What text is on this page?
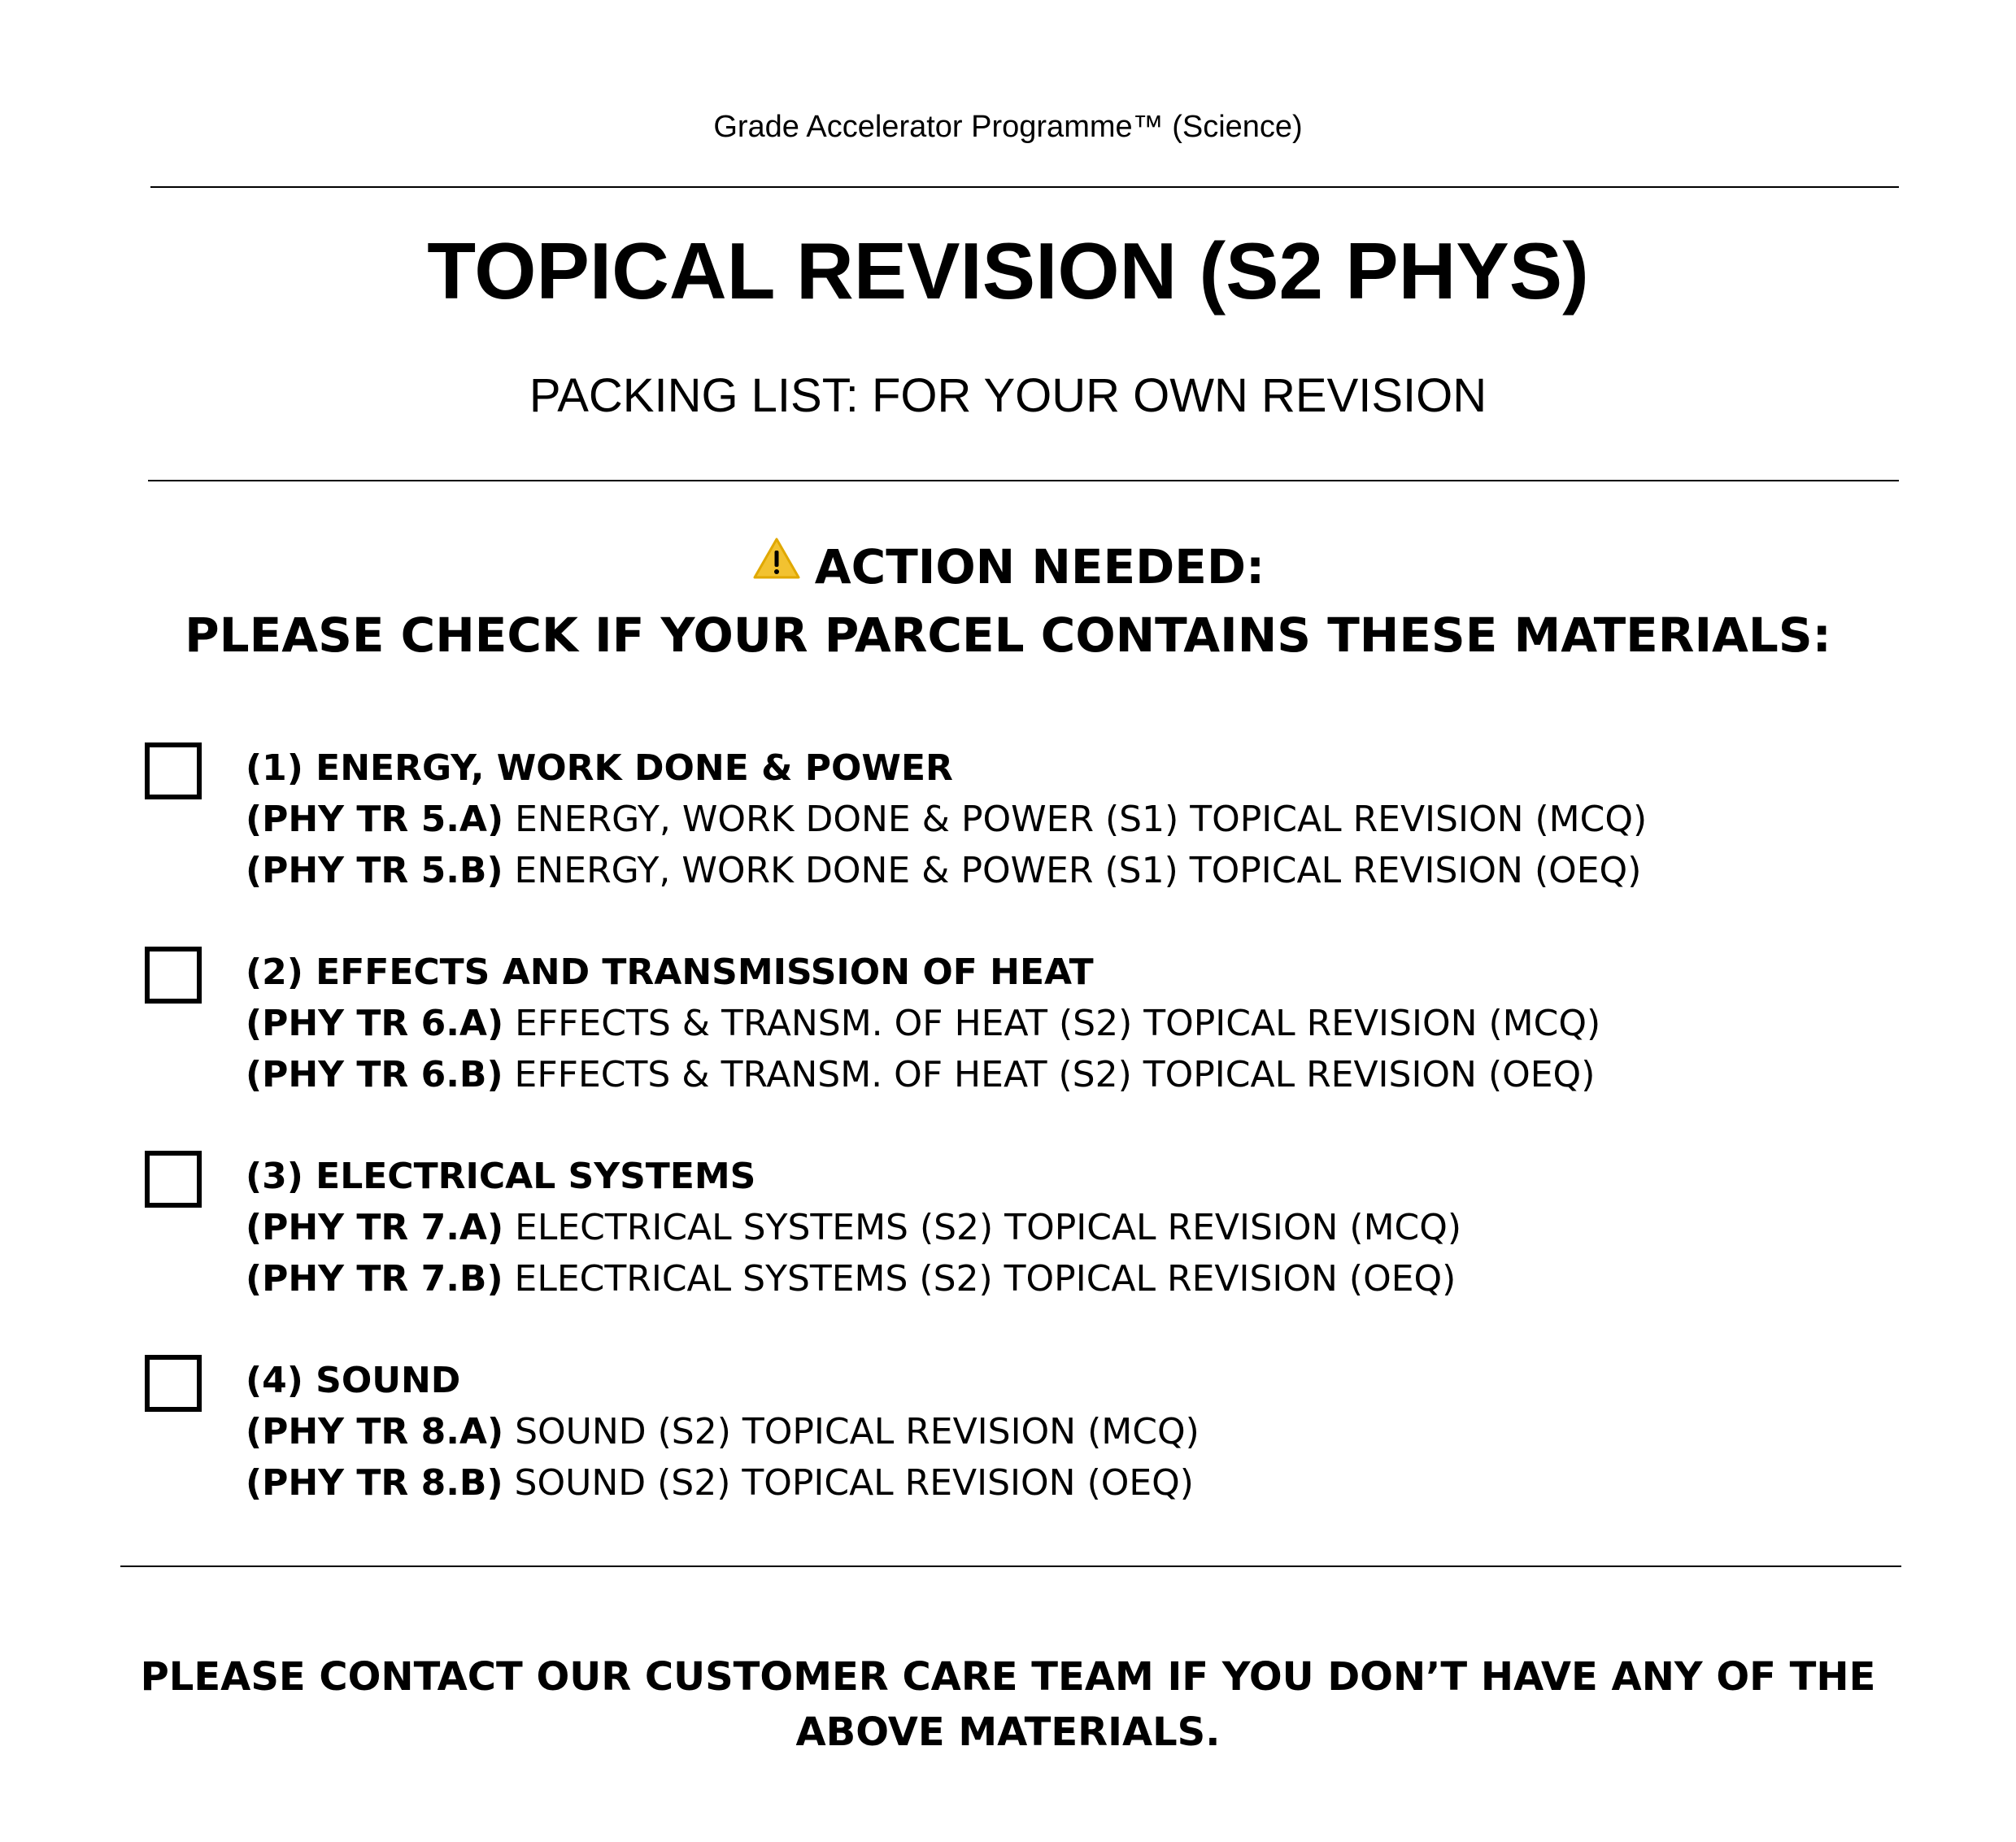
Grade Accelerator Programme™ (Science)
TOPICAL REVISION (S2 PHYS)
PACKING LIST: FOR YOUR OWN REVISION
ACTION NEEDED:
PLEASE CHECK IF YOUR PARCEL CONTAINS THESE MATERIALS:
(1) ENERGY, WORK DONE & POWER
(PHY TR 5.A) ENERGY, WORK DONE & POWER (S1) TOPICAL REVISION (MCQ)
(PHY TR 5.B) ENERGY, WORK DONE & POWER (S1) TOPICAL REVISION (OEQ)
(2) EFFECTS AND TRANSMISSION OF HEAT
(PHY TR 6.A) EFFECTS & TRANSM. OF HEAT (S2) TOPICAL REVISION (MCQ)
(PHY TR 6.B) EFFECTS & TRANSM. OF HEAT (S2) TOPICAL REVISION (OEQ)
(3) ELECTRICAL SYSTEMS
(PHY TR 7.A) ELECTRICAL SYSTEMS (S2) TOPICAL REVISION (MCQ)
(PHY TR 7.B) ELECTRICAL SYSTEMS (S2) TOPICAL REVISION (OEQ)
(4) SOUND
(PHY TR 8.A) SOUND (S2) TOPICAL REVISION (MCQ)
(PHY TR 8.B) SOUND (S2) TOPICAL REVISION (OEQ)
PLEASE CONTACT OUR CUSTOMER CARE TEAM IF YOU DON’T HAVE ANY OF THE
ABOVE MATERIALS.
